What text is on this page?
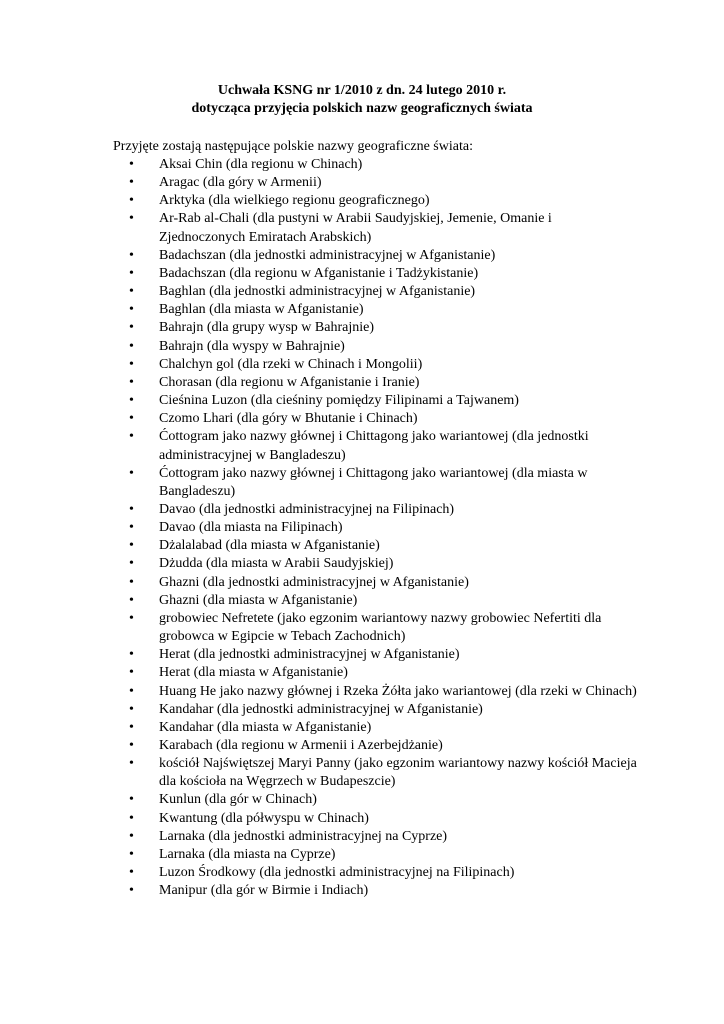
Uchwała KSNG nr 1/2010 z dn. 24 lutego 2010 r.
dotycząca przyjęcia polskich nazw geograficznych świata

Przyjęte zostają następujące polskie nazwy geograficzne świata:

• Aksai Chin (dla regionu w Chinach)
• Aragac (dla góry w Armenii)
• Arktyka (dla wielkiego regionu geograficznego)
• Ar-Rab al-Chali (dla pustyni w Arabii Saudyjskiej, Jemenie, Omanie i Zjednoczonych Emiratach Arabskich)
• Badachszan (dla jednostki administracyjnej w Afganistanie)
• Badachszan (dla regionu w Afganistanie i Tadżykistanie)
• Baghlan (dla jednostki administracyjnej w Afganistanie)
• Baghlan (dla miasta w Afganistanie)
• Bahrajn (dla grupy wysp w Bahrajnie)
• Bahrajn (dla wyspy w Bahrajnie)
• Chalchyn gol (dla rzeki w Chinach i Mongolii)
• Chorasan (dla regionu w Afganistanie i Iranie)
• Cieśnina Luzon (dla cieśniny pomiędzy Filipinami a Tajwanem)
• Czomo Lhari (dla góry w Bhutanie i Chinach)
• Ćottogram jako nazwy głównej i Chittagong jako wariantowej (dla jednostki administracyjnej w Bangladeszu)
• Ćottogram jako nazwy głównej i Chittagong jako wariantowej (dla miasta w Bangladeszu)
• Davao (dla jednostki administracyjnej na Filipinach)
• Davao (dla miasta na Filipinach)
• Dżalalabad (dla miasta w Afganistanie)
• Dżudda (dla miasta w Arabii Saudyjskiej)
• Ghazni (dla jednostki administracyjnej w Afganistanie)
• Ghazni (dla miasta w Afganistanie)
• grobowiec Nefretete (jako egzonim wariantowy nazwy grobowiec Nefertiti dla grobowca w Egipcie w Tebach Zachodnich)
• Herat (dla jednostki administracyjnej w Afganistanie)
• Herat (dla miasta w Afganistanie)
• Huang He jako nazwy głównej i Rzeka Żółta jako wariantowej (dla rzeki w Chinach)
• Kandahar (dla jednostki administracyjnej w Afganistanie)
• Kandahar (dla miasta w Afganistanie)
• Karabach (dla regionu w Armenii i Azerbejdżanie)
• kościół Najświętszej Maryi Panny (jako egzonim wariantowy nazwy kościół Macieja dla kościoła na Węgrzech w Budapeszcie)
• Kunlun (dla gór w Chinach)
• Kwantung (dla półwyspu w Chinach)
• Larnaka (dla jednostki administracyjnej na Cyprze)
• Larnaka (dla miasta na Cyprze)
• Luzon Środkowy (dla jednostki administracyjnej na Filipinach)
• Manipur (dla gór w Birmie i Indiach)
